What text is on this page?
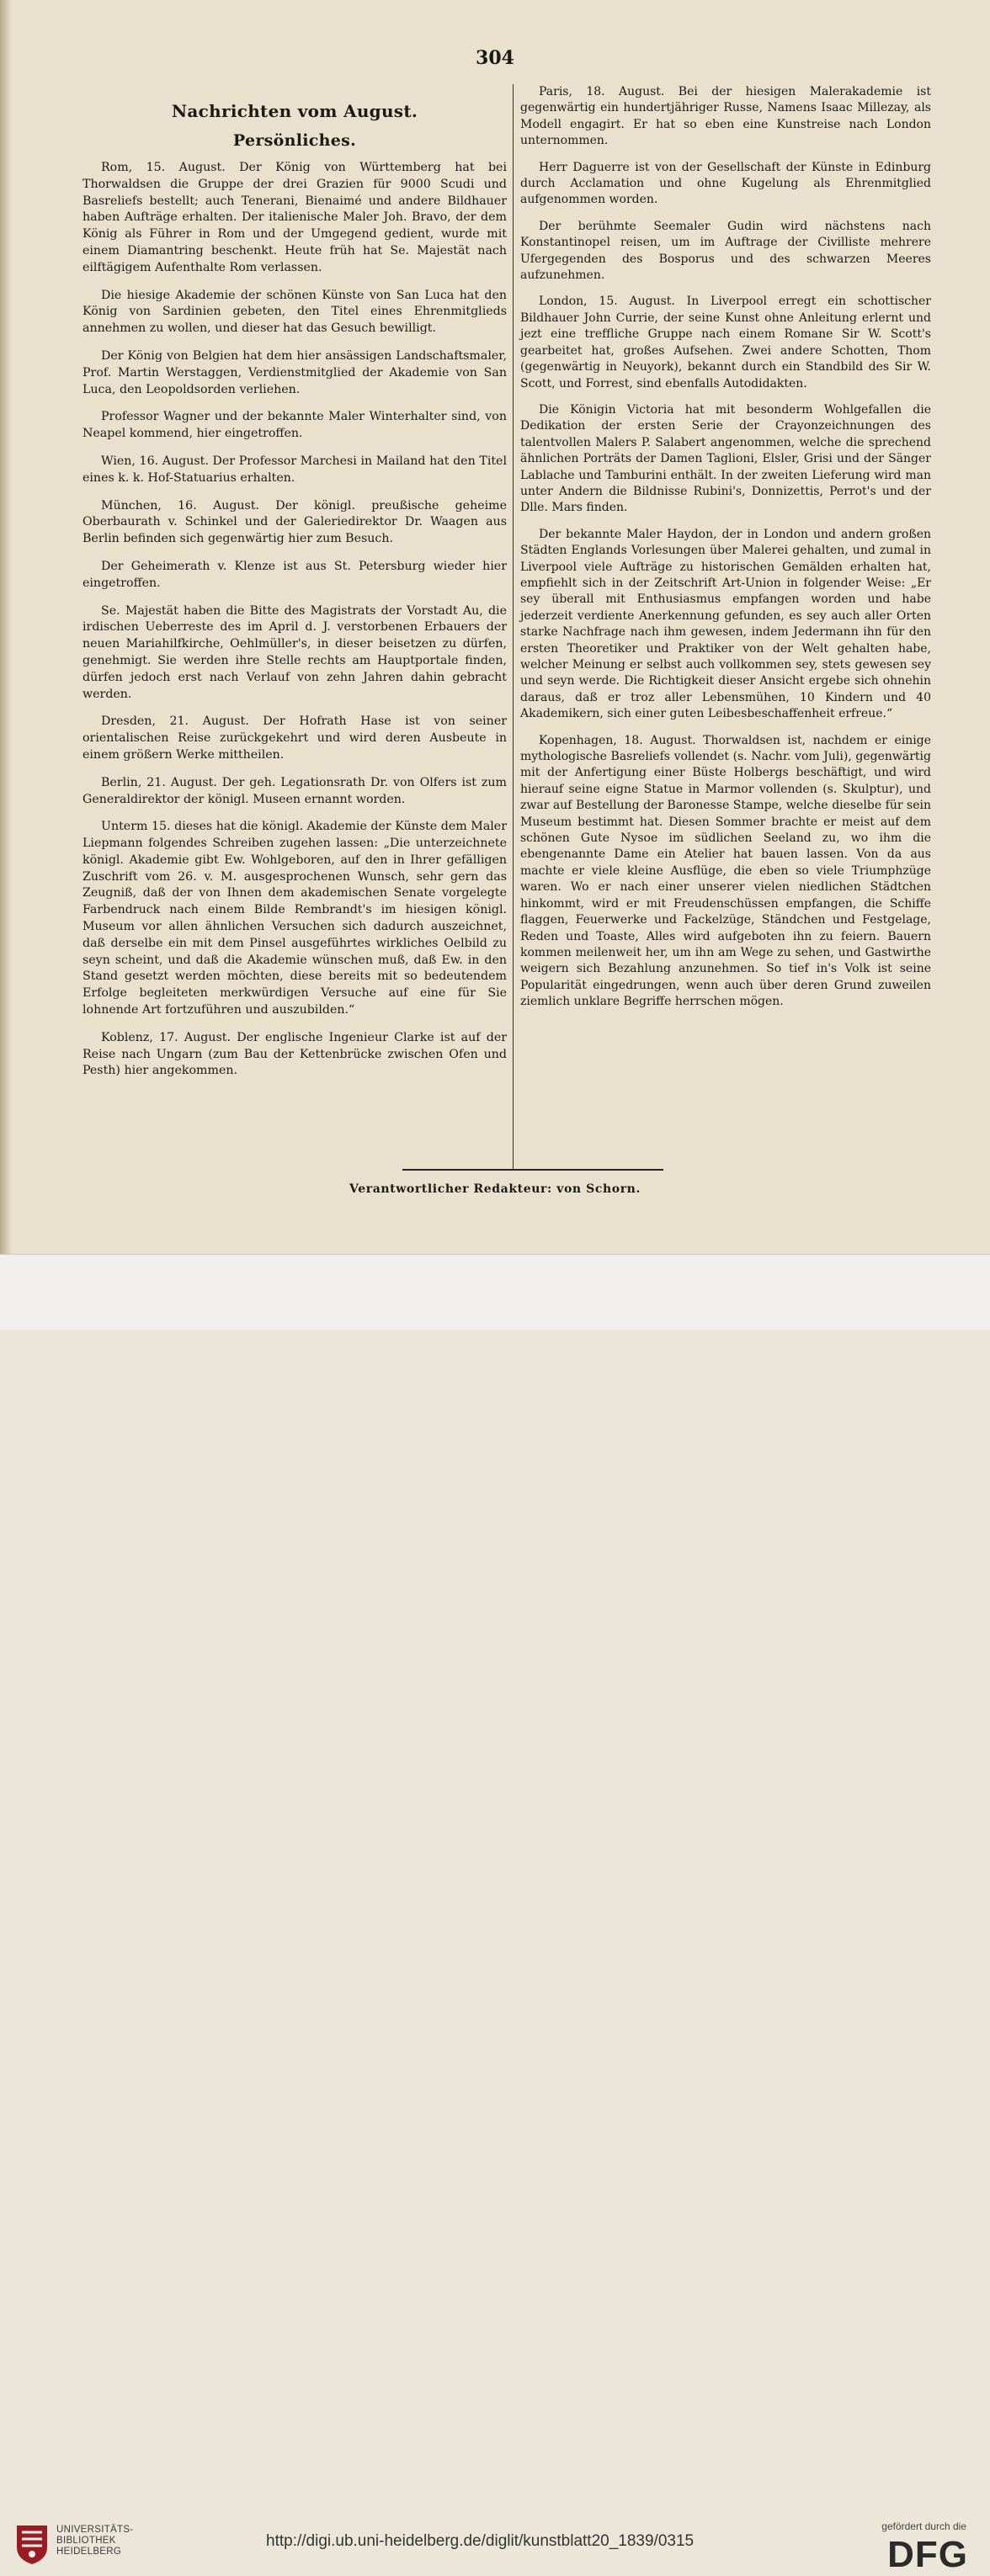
304
Nachrichten vom August.
Persönliches.

Rom, 15. August. Der König von Württemberg hat bei Thorwaldsen die Gruppe der drei Grazien für 9000 Scudi und Basreliefs bestellt; auch Tenerani, Bienaimé und andere Bildhauer haben Aufträge erhalten. Der italienische Maler Joh. Bravo, der dem König als Führer in Rom und der Umgegend gedient, wurde mit einem Diamantring beschenkt. Heute früh hat Se. Majestät nach eilftägigem Aufenthalte Rom verlassen.

Die hiesige Akademie der schönen Künste von San Luca hat den König von Sardinien gebeten, den Titel eines Ehrenmitglieds annehmen zu wollen, und dieser hat das Gesuch bewilligt.

Der König von Belgien hat dem hier ansässigen Landschaftsmaler, Prof. Martin Werstaggen, Verdienstmitglied der Akademie von San Luca, den Leopoldsorden verliehen.

Professor Wagner und der bekannte Maler Winterhalter sind, von Neapel kommend, hier eingetroffen.

Wien, 16. August. Der Professor Marchesi in Mailand hat den Titel eines k. k. Hof-Statuarius erhalten.

München, 16. August. Der königl. preußische geheime Oberbaurath v. Schinkel und der Galeriedirektor Dr. Waagen aus Berlin befinden sich gegenwärtig hier zum Besuch.

Der Geheimerath v. Klenze ist aus St. Petersburg wieder hier eingetroffen.

Se. Majestät haben die Bitte des Magistrats der Vorstadt Au, die irdischen Ueberreste des im April d. J. verstorbenen Erbauers der neuen Mariahilfkirche, Oehlmüller's, in dieser beisetzen zu dürfen, genehmigt. Sie werden ihre Stelle rechts am Hauptportale finden, dürfen jedoch erst nach Verlauf von zehn Jahren dahin gebracht werden.

Dresden, 21. August. Der Hofrath Hase ist von seiner orientalischen Reise zurückgekehrt und wird deren Ausbeute in einem größern Werke mittheilen.

Berlin, 21. August. Der geh. Legationsrath Dr. von Olfers ist zum Generaldirektor der königl. Museen ernannt worden.

Unterm 15. dieses hat die königl. Akademie der Künste dem Maler Liepmann folgendes Schreiben zugehen lassen: „Die unterzeichnete königl. Akademie gibt Ew. Wohlgeboren, auf den in Ihrer gefälligen Zuschrift vom 26. v. M. ausgesprochenen Wunsch, sehr gern das Zeugniß, daß der von Ihnen dem akademischen Senate vorgelegte Farbendruck nach einem Bilde Rembrandt's im hiesigen königl. Museum vor allen ähnlichen Versuchen sich dadurch auszeichnet, daß derselbe ein mit dem Pinsel ausgeführtes wirkliches Oelbild zu seyn scheint, und daß die Akademie wünschen muß, daß Ew. in den Stand gesetzt werden möchten, diese bereits mit so bedeutendem Erfolge begleiteten merkwürdigen Versuche auf eine für Sie lohnende Art fortzuführen und auszubilden.“

Koblenz, 17. August. Der englische Ingenieur Clarke ist auf der Reise nach Ungarn (zum Bau der Kettenbrücke zwischen Ofen und Pesth) hier angekommen.

Paris, 18. August. Bei der hiesigen Malerakademie ist gegenwärtig ein hundertjähriger Russe, Namens Isaac Millezay, als Modell engagirt. Er hat so eben eine Kunstreise nach London unternommen.

Herr Daguerre ist von der Gesellschaft der Künste in Edinburg durch Acclamation und ohne Kugelung als Ehrenmitglied aufgenommen worden.

Der berühmte Seemaler Gudin wird nächstens nach Konstantinopel reisen, um im Auftrage der Civilliste mehrere Ufergegenden des Bosporus und des schwarzen Meeres aufzunehmen.

London, 15. August. In Liverpool erregt ein schottischer Bildhauer John Currie, der seine Kunst ohne Anleitung erlernt und jezt eine treffliche Gruppe nach einem Romane Sir W. Scott's gearbeitet hat, großes Aufsehen. Zwei andere Schotten, Thom (gegenwärtig in Neuyork), bekannt durch ein Standbild des Sir W. Scott, und Forrest, sind ebenfalls Autodidakten.

Die Königin Victoria hat mit besonderm Wohlgefallen die Dedikation der ersten Serie der Crayonzeichnungen des talentvollen Malers P. Salabert angenommen, welche die sprechend ähnlichen Porträts der Damen Taglioni, Elsler, Grisi und der Sänger Lablache und Tamburini enthält. In der zweiten Lieferung wird man unter Andern die Bildnisse Rubini's, Donnizettis, Perrot's und der Dlle. Mars finden.

Der bekannte Maler Haydon, der in London und andern großen Städten Englands Vorlesungen über Malerei gehalten, und zumal in Liverpool viele Aufträge zu historischen Gemälden erhalten hat, empfiehlt sich in der Zeitschrift Art-Union in folgender Weise: „Er sey überall mit Enthusiasmus empfangen worden und habe jederzeit verdiente Anerkennung gefunden, es sey auch aller Orten starke Nachfrage nach ihm gewesen, indem Jedermann ihn für den ersten Theoretiker und Praktiker von der Welt gehalten habe, welcher Meinung er selbst auch vollkommen sey, stets gewesen sey und seyn werde. Die Richtigkeit dieser Ansicht ergebe sich ohnehin daraus, daß er troz aller Lebensmühen, 10 Kindern und 40 Akademikern, sich einer guten Leibesbeschaffenheit erfreue.“

Kopenhagen, 18. August. Thorwaldsen ist, nachdem er einige mythologische Basreliefs vollendet (s. Nachr. vom Juli), gegenwärtig mit der Anfertigung einer Büste Holbergs beschäftigt, und wird hierauf seine eigne Statue in Marmor vollenden (s. Skulptur), und zwar auf Bestellung der Baronesse Stampe, welche dieselbe für sein Museum bestimmt hat. Diesen Sommer brachte er meist auf dem schönen Gute Nysoe im südlichen Seeland zu, wo ihm die ebengenannte Dame ein Atelier hat bauen lassen. Von da aus machte er viele kleine Ausflüge, die eben so viele Triumphzüge waren. Wo er nach einer unserer vielen niedlichen Städtchen hinkommt, wird er mit Freudenschüssen empfangen, die Schiffe flaggen, Feuerwerke und Fackelzüge, Ständchen und Festgelage, Reden und Toaste, Alles wird aufgeboten ihn zu feiern. Bauern kommen meilenweit her, um ihn am Wege zu sehen, und Gastwirthe weigern sich Bezahlung anzunehmen. So tief in's Volk ist seine Popularität eingedrungen, wenn auch über deren Grund zuweilen ziemlich unklare Begriffe herrschen mögen.

Verantwortlicher Redakteur: von Schorn.
UNIVERSITÄTS-
BIBLIOTHEK
HEIDELBERG
http://digi.ub.uni-heidelberg.de/diglit/kunstblatt20_1839/0315
gefördert durch die
DFG
